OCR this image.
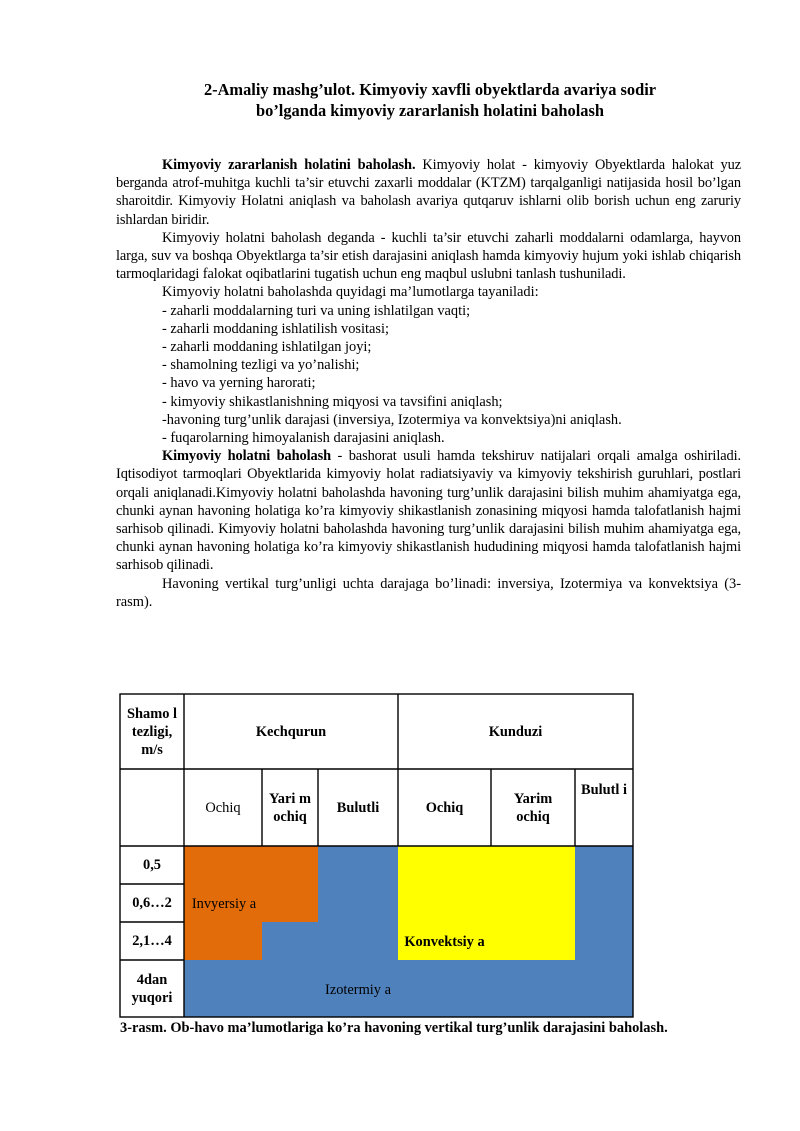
2-Amaliy mashg’ulot. Kimyoviy xavfli obyektlarda avariya sodir
bo’lganda kimyoviy zararlanish holatini baholash

Kimyoviy zararlanish holatini baholash. Kimyoviy holat - kimyoviy Obyektlarda halokat yuz berganda atrof-muhitga kuchli ta’sir etuvchi zaxarli moddalar (KTZM) tarqalganligi natijasida hosil bo’lgan sharoitdir. Kimyoviy Holatni aniqlash va baholash avariya qutqaruv ishlarni olib borish uchun eng zaruriy ishlardan biridir.

Kimyoviy holatni baholash deganda - kuchli ta’sir etuvchi zaharli moddalarni odamlarga, hayvon larga, suv va boshqa Obyektlarga ta’sir etish darajasini aniqlash hamda kimyoviy hujum yoki ishlab chiqarish tarmoqlaridagi falokat oqibatlarini tugatish uchun eng maqbul uslubni tanlash tushuniladi.

Kimyoviy holatni baholashda quyidagi ma’lumotlarga tayaniladi:

- zaharli moddalarning turi va uning ishlatilgan vaqti;
- zaharli moddaning ishlatilish vositasi;
- zaharli moddaning ishlatilgan joyi;
- shamolning tezligi va yo’nalishi;
- havo va yerning harorati;
- kimyoviy shikastlanishning miqyosi va tavsifini aniqlash;
-havoning turg’unlik darajasi (inversiya, Izotermiya va konvektsiya)ni aniqlash.
- fuqarolarning himoyalanish darajasini aniqlash.

Kimyoviy holatni baholash - bashorat usuli hamda tekshiruv natijalari orqali amalga oshiriladi. Iqtisodiyot tarmoqlari Obyektlarida kimyoviy holat radiatsiyaviy va kimyoviy tekshirish guruhlari, postlari orqali aniqlanadi.Kimyoviy holatni baholashda havoning turg’unlik darajasini bilish muhim ahamiyatga ega, chunki aynan havoning holatiga ko’ra kimyoviy shikastlanish zonasining miqyosi hamda talofatlanish hajmi sarhisob qilinadi. Kimyoviy holatni baholashda havoning turg’unlik darajasini bilish muhim ahamiyatga ega, chunki aynan havoning holatiga ko’ra kimyoviy shikastlanish hududining miqyosi hamda talofatlanish hajmi sarhisob qilinadi.

Havoning vertikal turg’unligi uchta darajaga bo’linadi: inversiya, Izotermiya va konvektsiya (3-rasm).

Shamo l tezligi, m/s
Kechqurun	Kunduzi
Ochiq
Yari m ochiq
Bulutli	Ochiq
Yarim ochiq
Bulutl i
0,5
0,6…2
2,1…4
4dan yuqori
Invyersiy a
Konvektsiy a
Izotermiy a
3-rasm. Ob-havo ma’lumotlariga ko’ra havoning vertikal turg’unlik darajasini baholash.
